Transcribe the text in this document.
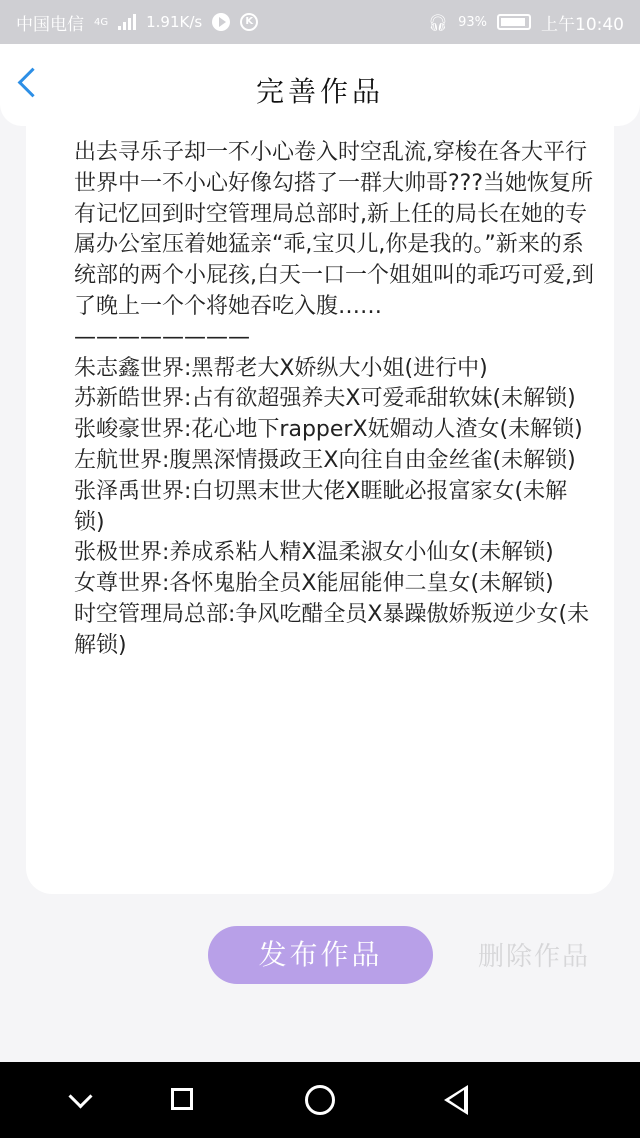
中国电信 4G	1.91K/s	K	🎧︎ 93%	上午10:40
完善作品

出去寻乐子却一不小心卷入时空乱流,穿梭在各大平行世界中一不小心好像勾搭了一群大帅哥???当她恢复所有记忆回到时空管理局总部时,新上任的局长在她的专属办公室压着她猛亲“乖,宝贝儿,你是我的。”新来的系统部的两个小屁孩,白天一口一个姐姐叫的乖巧可爱,到了晚上一个个将她吞吃入腹……
————————
朱志鑫世界:黑帮老大X娇纵大小姐(进行中)
苏新皓世界:占有欲超强养夫X可爱乖甜软妹(未解锁)
张峻豪世界:花心地下rapperX妩媚动人渣女(未解锁)
左航世界:腹黑深情摄政王X向往自由金丝雀(未解锁)
张泽禹世界:白切黑末世大佬X睚眦必报富家女(未解锁)
张极世界:养成系粘人精X温柔淑女小仙女(未解锁)
女尊世界:各怀鬼胎全员X能屈能伸二皇女(未解锁)
时空管理局总部:争风吃醋全员X暴躁傲娇叛逆少女(未解锁)

发布作品	删除作品
